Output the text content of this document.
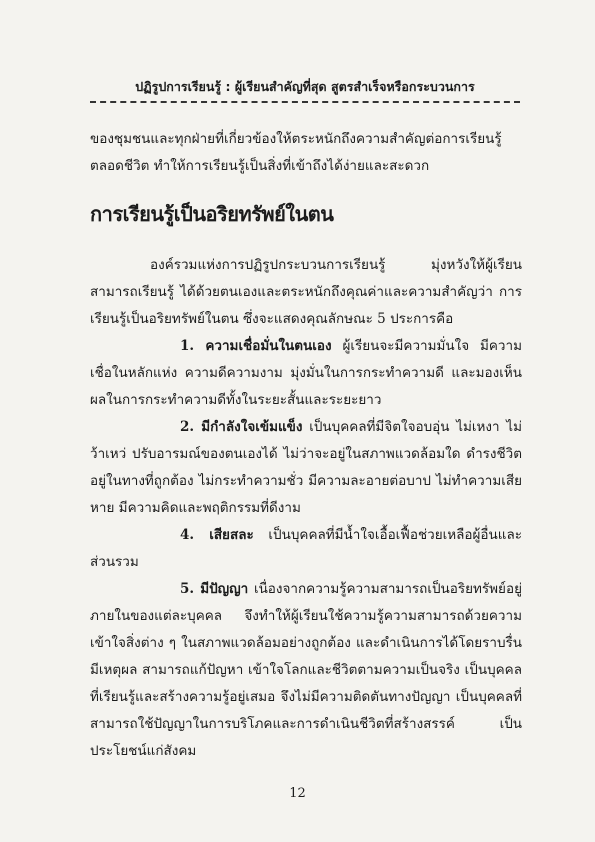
ปฏิรูปการเรียนรู้ : ผู้เรียนสำคัญที่สุด สูตรสำเร็จหรือกระบวนการ

ของชุมชนและทุกฝ่ายที่เกี่ยวข้องให้ตระหนักถึงความสำคัญต่อการเรียนรู้ตลอดชีวิต ทำให้การเรียนรู้เป็นสิ่งที่เข้าถึงได้ง่ายและสะดวก

การเรียนรู้เป็นอริยทรัพย์ในตน

องค์รวมแห่งการปฏิรูปกระบวนการเรียนรู้ มุ่งหวังให้ผู้เรียนสามารถเรียนรู้ ได้ด้วยตนเองและตระหนักถึงคุณค่าและความสำคัญว่า การเรียนรู้เป็นอริยทรัพย์ในตน ซึ่งจะแสดงคุณลักษณะ 5 ประการคือ

1. ความเชื่อมั่นในตนเอง ผู้เรียนจะมีความมั่นใจ มีความเชื่อในหลักแห่ง ความดีความงาม มุ่งมั่นในการกระทำความดี และมองเห็นผลในการกระทำความดีทั้งในระยะสั้นและระยะยาว

2. มีกำลังใจเข้มแข็ง เป็นบุคคลที่มีจิตใจอบอุ่น ไม่เหงา ไม่ว้าเหว่ ปรับอารมณ์ของตนเองได้ ไม่ว่าจะอยู่ในสภาพแวดล้อมใด ดำรงชีวิตอยู่ในทางที่ถูกต้อง ไม่กระทำความชั่ว มีความละอายต่อบาป ไม่ทำความเสียหาย มีความคิดและพฤติกรรมที่ดีงาม

4. เสียสละ เป็นบุคคลที่มีน้ำใจเอื้อเฟื้อช่วยเหลือผู้อื่นและส่วนรวม

5. มีปัญญา เนื่องจากความรู้ความสามารถเป็นอริยทรัพย์อยู่ภายในของแต่ละบุคคล จึงทำให้ผู้เรียนใช้ความรู้ความสามารถด้วยความเข้าใจสิ่งต่าง ๆ ในสภาพแวดล้อมอย่างถูกต้อง และดำเนินการได้โดยราบรื่นมีเหตุผล สามารถแก้ปัญหา เข้าใจโลกและชีวิตตามความเป็นจริง เป็นบุคคลที่เรียนรู้และสร้างความรู้อยู่เสมอ จึงไม่มีความติดตันทางปัญญา เป็นบุคคลที่สามารถใช้ปัญญาในการบริโภคและการดำเนินชีวิตที่สร้างสรรค์ เป็นประโยชน์แก่สังคม

12
